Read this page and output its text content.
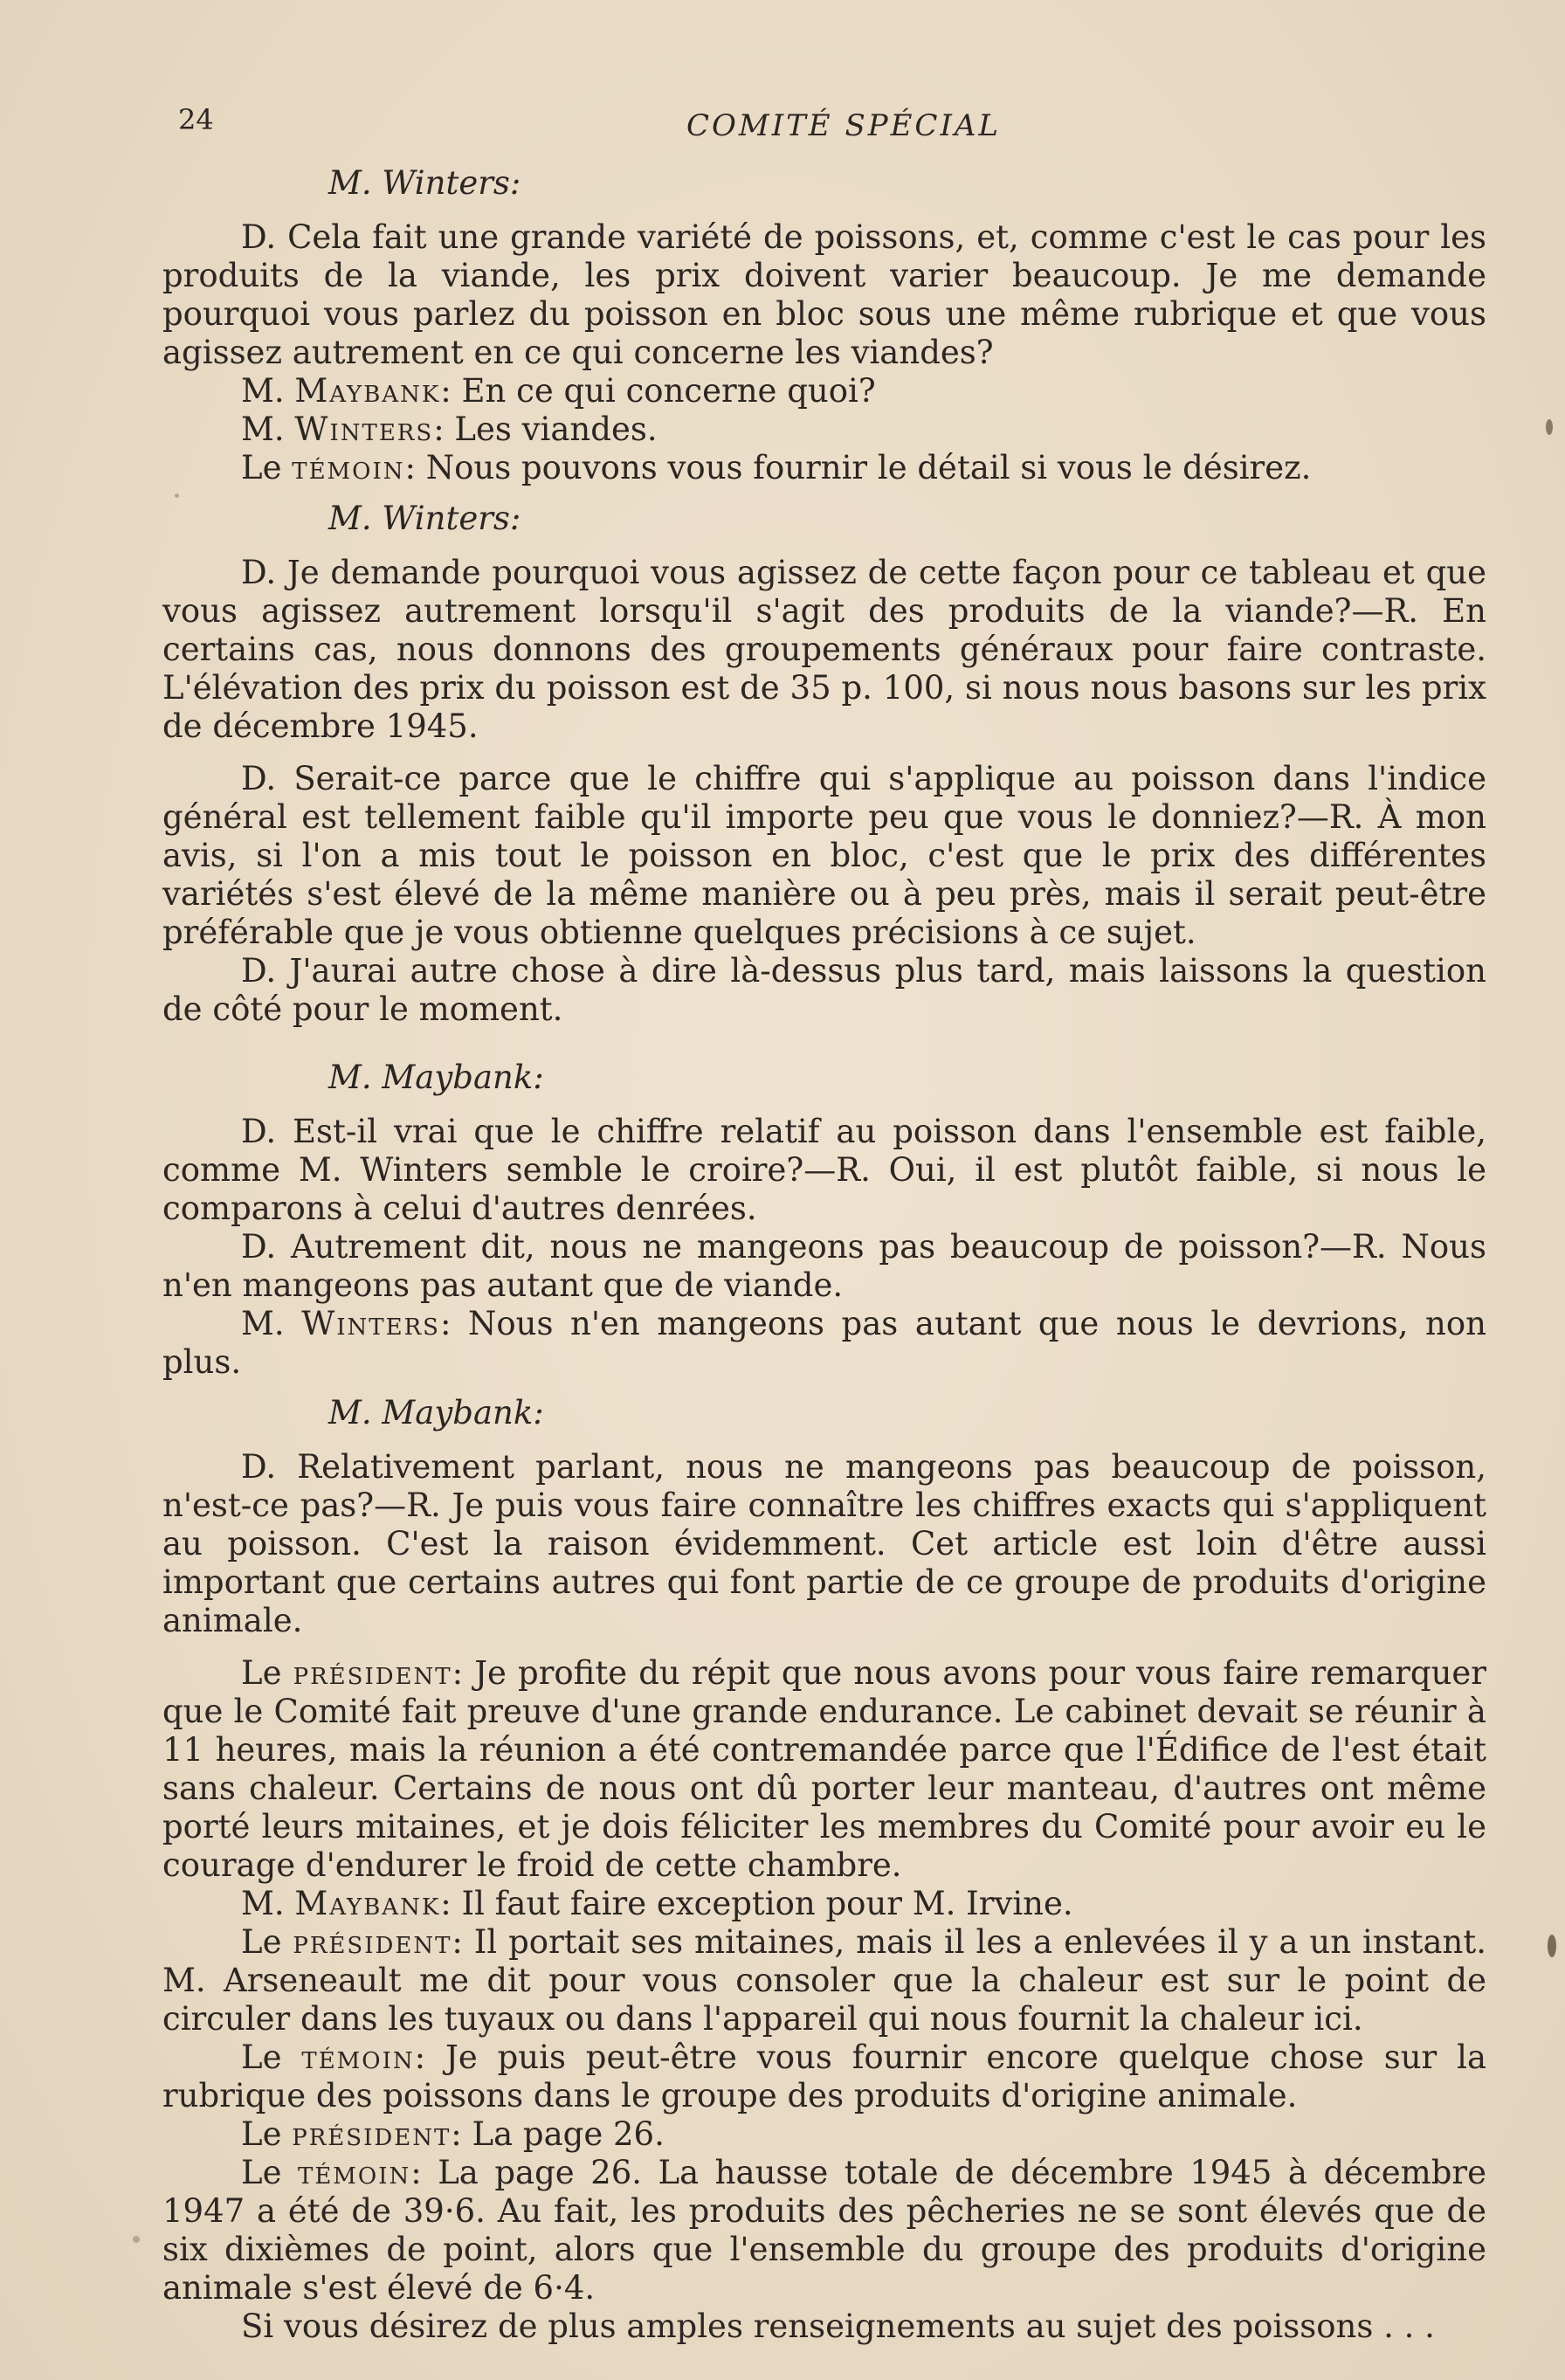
24	COMITÉ SPÉCIAL

M. Winters:

D. Cela fait une grande variété de poissons, et, comme c'est le cas pour les produits de la viande, les prix doivent varier beaucoup. Je me demande pourquoi vous parlez du poisson en bloc sous une même rubrique et que vous agissez autrement en ce qui concerne les viandes?

M. Maybank: En ce qui concerne quoi?

M. Winters: Les viandes.

Le témoin: Nous pouvons vous fournir le détail si vous le désirez.

M. Winters:

D. Je demande pourquoi vous agissez de cette façon pour ce tableau et que vous agissez autrement lorsqu'il s'agit des produits de la viande?—R. En certains cas, nous donnons des groupements généraux pour faire contraste. L'élévation des prix du poisson est de 35 p. 100, si nous nous basons sur les prix de décembre 1945.

D. Serait-ce parce que le chiffre qui s'applique au poisson dans l'indice général est tellement faible qu'il importe peu que vous le donniez?—R. À mon avis, si l'on a mis tout le poisson en bloc, c'est que le prix des différentes variétés s'est élevé de la même manière ou à peu près, mais il serait peut-être préférable que je vous obtienne quelques précisions à ce sujet.

D. J'aurai autre chose à dire là-dessus plus tard, mais laissons la question de côté pour le moment.

M. Maybank:

D. Est-il vrai que le chiffre relatif au poisson dans l'ensemble est faible, comme M. Winters semble le croire?—R. Oui, il est plutôt faible, si nous le comparons à celui d'autres denrées.

D. Autrement dit, nous ne mangeons pas beaucoup de poisson?—R. Nous n'en mangeons pas autant que de viande.

M. Winters: Nous n'en mangeons pas autant que nous le devrions, non plus.

M. Maybank:

D. Relativement parlant, nous ne mangeons pas beaucoup de poisson, n'est-ce pas?—R. Je puis vous faire connaître les chiffres exacts qui s'appliquent au poisson. C'est la raison évidemment. Cet article est loin d'être aussi important que certains autres qui font partie de ce groupe de produits d'origine animale.

Le président: Je profite du répit que nous avons pour vous faire remarquer que le Comité fait preuve d'une grande endurance. Le cabinet devait se réunir à 11 heures, mais la réunion a été contremandée parce que l'Édifice de l'est était sans chaleur. Certains de nous ont dû porter leur manteau, d'autres ont même porté leurs mitaines, et je dois féliciter les membres du Comité pour avoir eu le courage d'endurer le froid de cette chambre.

M. Maybank: Il faut faire exception pour M. Irvine.

Le président: Il portait ses mitaines, mais il les a enlevées il y a un instant. M. Arseneault me dit pour vous consoler que la chaleur est sur le point de circuler dans les tuyaux ou dans l'appareil qui nous fournit la chaleur ici.

Le témoin: Je puis peut-être vous fournir encore quelque chose sur la rubrique des poissons dans le groupe des produits d'origine animale.

Le président: La page 26.

Le témoin: La page 26. La hausse totale de décembre 1945 à décembre 1947 a été de 39·6. Au fait, les produits des pêcheries ne se sont élevés que de six dixièmes de point, alors que l'ensemble du groupe des produits d'origine animale s'est élevé de 6·4.

Si vous désirez de plus amples renseignements au sujet des poissons . . .
